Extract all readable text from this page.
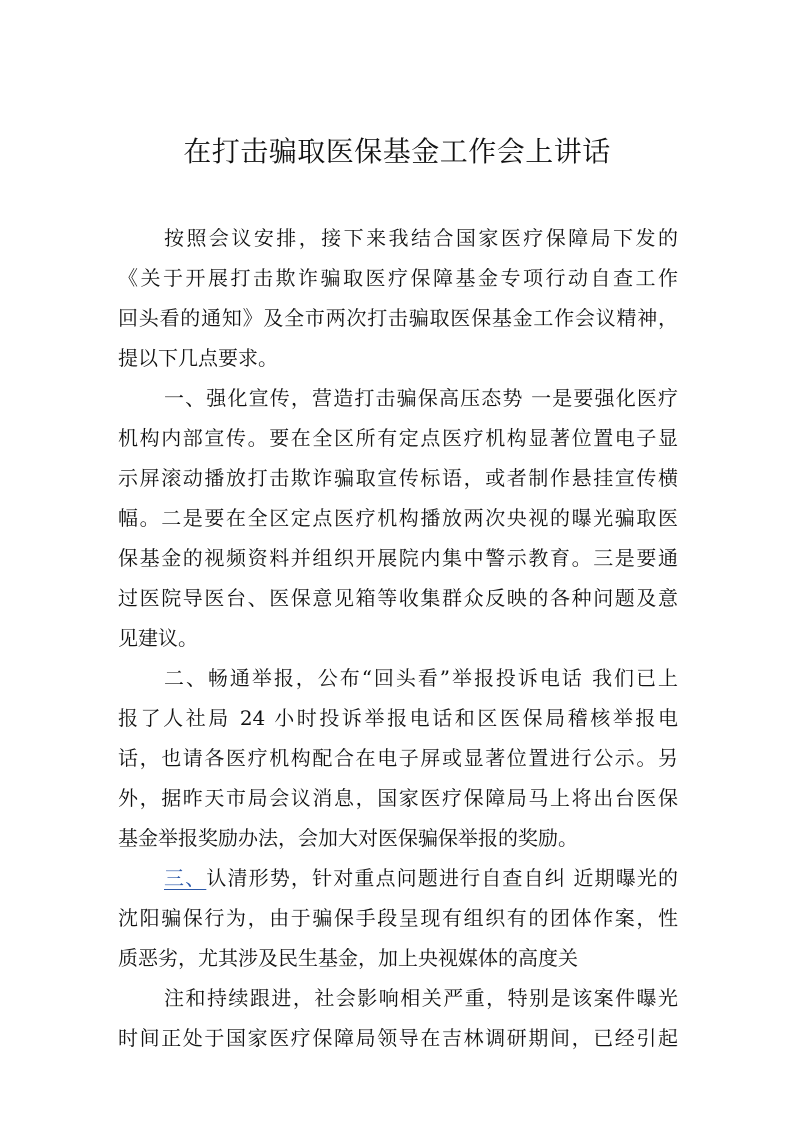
在打击骗取医保基金工作会上讲话
按照会议安排，接下来我结合国家医疗保障局下发的
《关于开展打击欺诈骗取医疗保障基金专项行动自查工作
回头看的通知》及全市两次打击骗取医保基金工作会议精神，
提以下几点要求。
一、强化宣传，营造打击骗保高压态势 一是要强化医疗
机构内部宣传。要在全区所有定点医疗机构显著位置电子显
示屏滚动播放打击欺诈骗取宣传标语，或者制作悬挂宣传横
幅。二是要在全区定点医疗机构播放两次央视的曝光骗取医
保基金的视频资料并组织开展院内集中警示教育。三是要通
过医院导医台、医保意见箱等收集群众反映的各种问题及意
见建议。
二、畅通举报，公布“回头看”举报投诉电话 我们已上
报了人社局 24 小时投诉举报电话和区医保局稽核举报电
话，也请各医疗机构配合在电子屏或显著位置进行公示。另
外，据昨天市局会议消息，国家医疗保障局马上将出台医保
基金举报奖励办法，会加大对医保骗保举报的奖励。
三、认清形势，针对重点问题进行自查自纠 近期曝光的
沈阳骗保行为，由于骗保手段呈现有组织有的团体作案，性
质恶劣，尤其涉及民生基金，加上央视媒体的高度关
注和持续跟进，社会影响相关严重，特别是该案件曝光
时间正处于国家医疗保障局领导在吉林调研期间，已经引起
